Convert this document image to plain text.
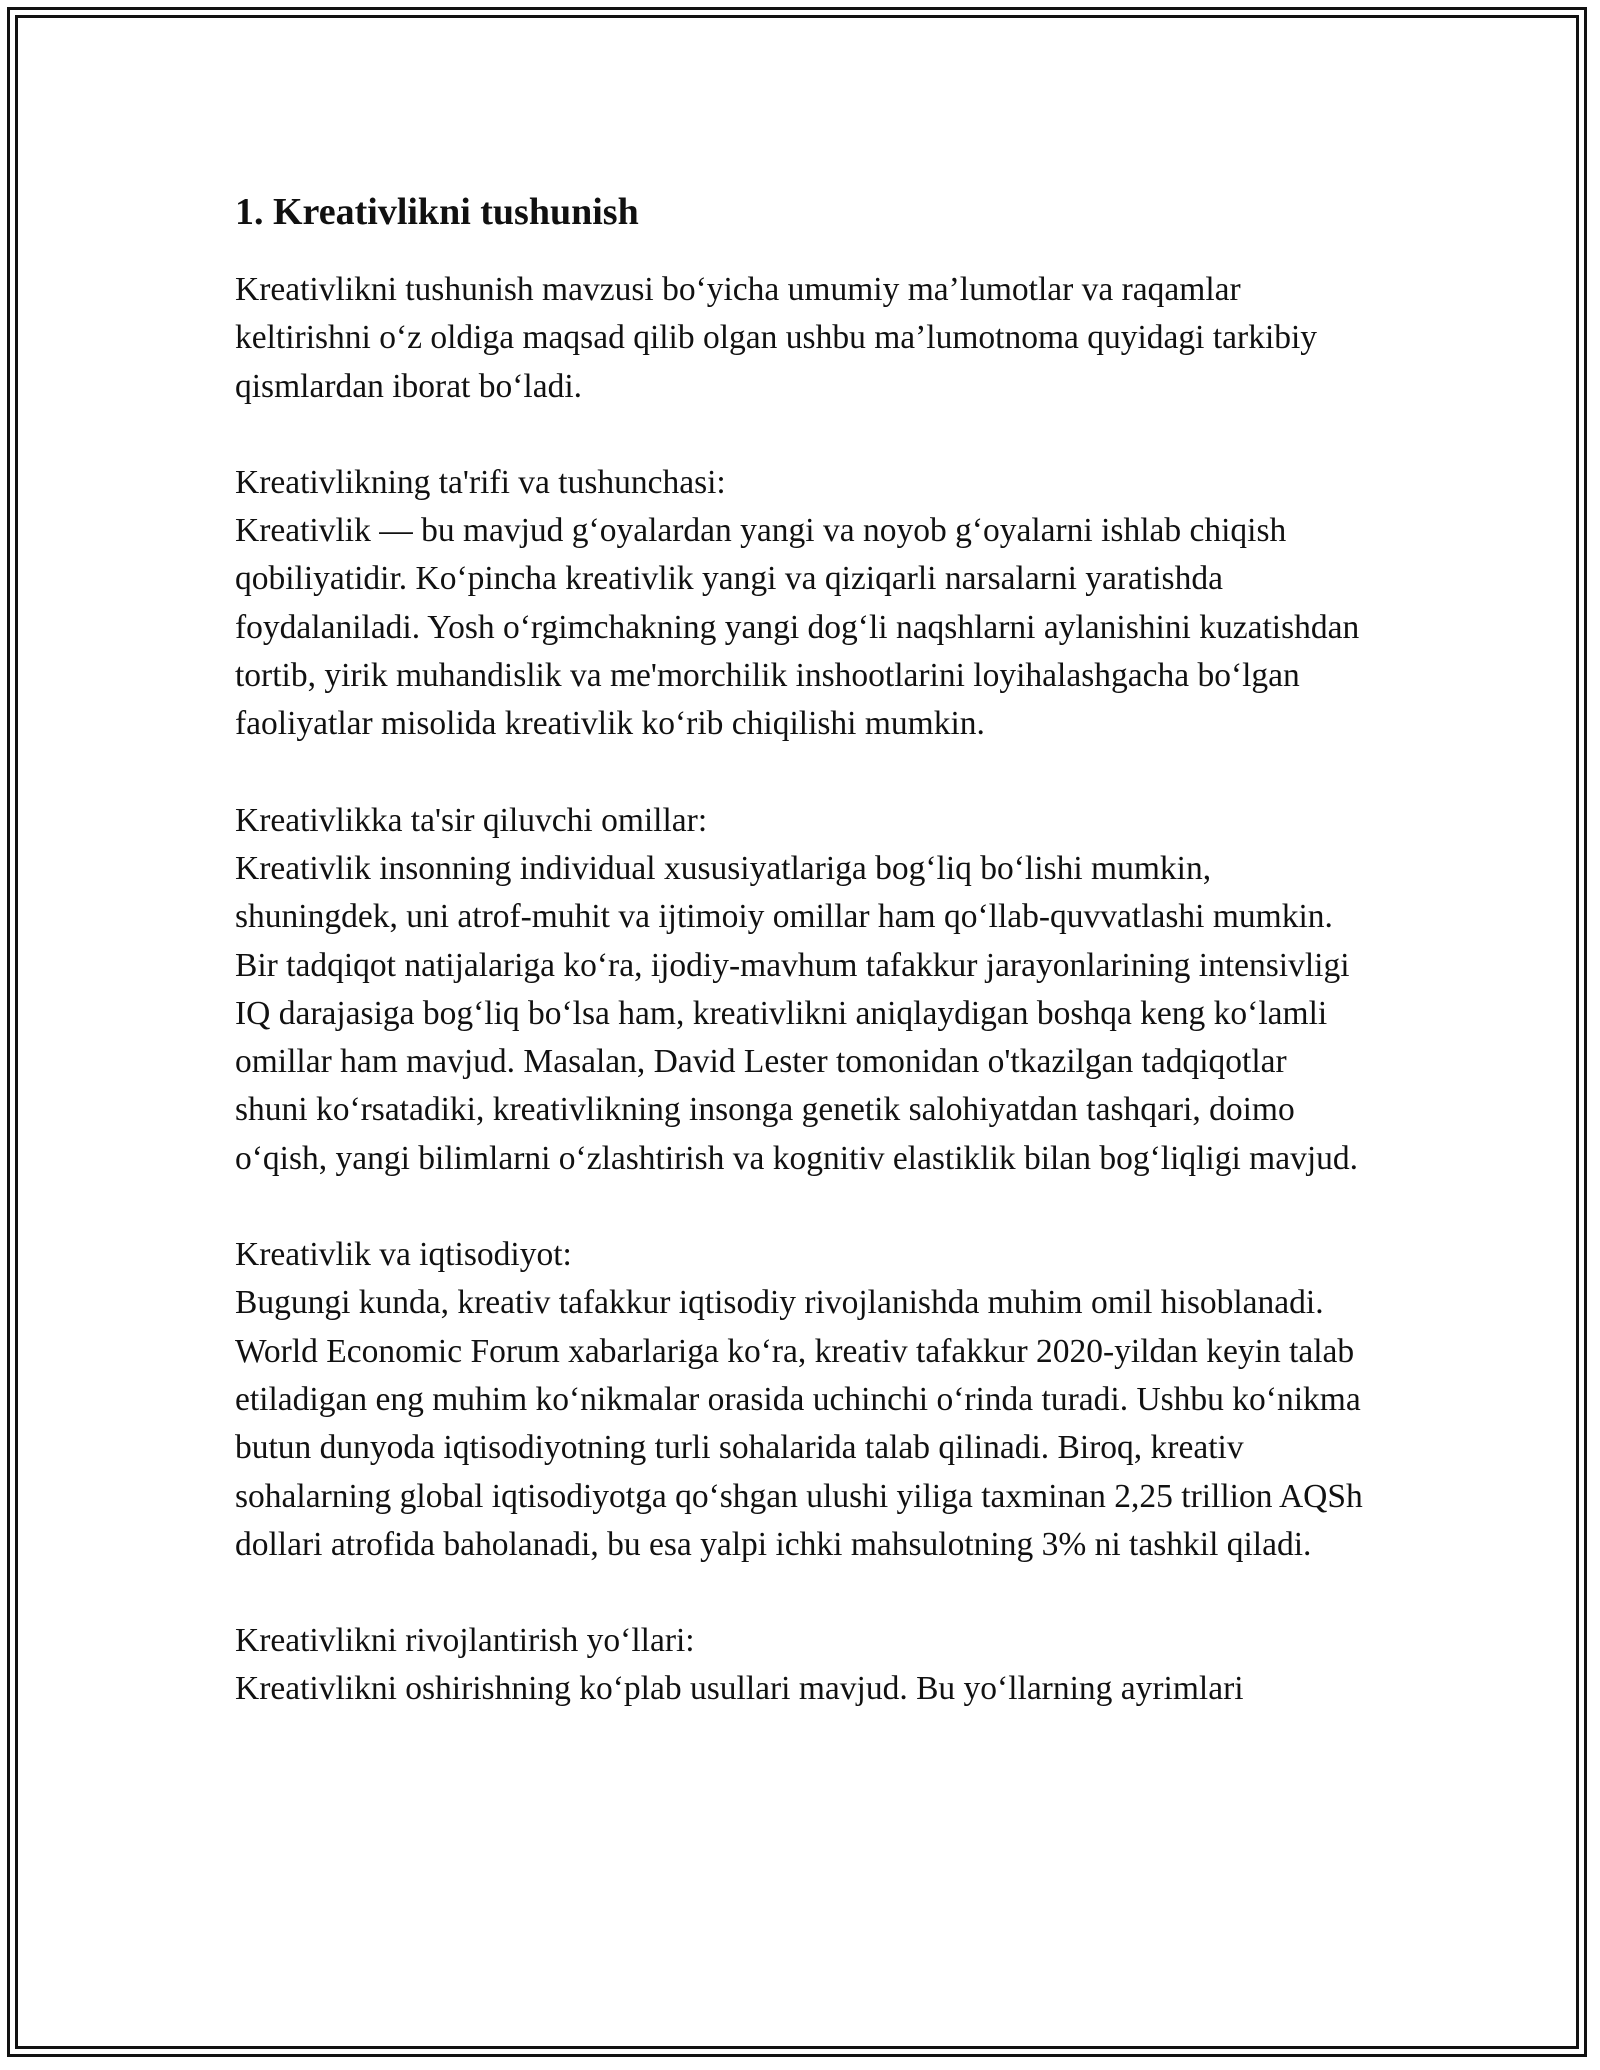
1. Kreativlikni tushunish

Kreativlikni tushunish mavzusi bo‘yicha umumiy ma’lumotlar va raqamlar keltirishni o‘z oldiga maqsad qilib olgan ushbu ma’lumotnoma quyidagi tarkibiy qismlardan iborat bo‘ladi.

Kreativlikning ta'rifi va tushunchasi:
Kreativlik — bu mavjud g‘oyalardan yangi va noyob g‘oyalarni ishlab chiqish qobiliyatidir. Ko‘pincha kreativlik yangi va qiziqarli narsalarni yaratishda foydalaniladi. Yosh o‘rgimchakning yangi dog‘li naqshlarni aylanishini kuzatishdan tortib, yirik muhandislik va me'morchilik inshootlarini loyihalashgacha bo‘lgan faoliyatlar misolida kreativlik ko‘rib chiqilishi mumkin.

Kreativlikka ta'sir qiluvchi omillar:
Kreativlik insonning individual xususiyatlariga bog‘liq bo‘lishi mumkin, shuningdek, uni atrof-muhit va ijtimoiy omillar ham qo‘llab-quvvatlashi mumkin. Bir tadqiqot natijalariga ko‘ra, ijodiy-mavhum tafakkur jarayonlarining intensivligi IQ darajasiga bog‘liq bo‘lsa ham, kreativlikni aniqlaydigan boshqa keng ko‘lamli omillar ham mavjud. Masalan, David Lester tomonidan o'tkazilgan tadqiqotlar shuni ko‘rsatadiki, kreativlikning insonga genetik salohiyatdan tashqari, doimo o‘qish, yangi bilimlarni o‘zlashtirish va kognitiv elastiklik bilan bog‘liqligi mavjud.

Kreativlik va iqtisodiyot:
Bugungi kunda, kreativ tafakkur iqtisodiy rivojlanishda muhim omil hisoblanadi. World Economic Forum xabarlariga ko‘ra, kreativ tafakkur 2020-yildan keyin talab etiladigan eng muhim ko‘nikmalar orasida uchinchi o‘rinda turadi. Ushbu ko‘nikma butun dunyoda iqtisodiyotning turli sohalarida talab qilinadi. Biroq, kreativ sohalarning global iqtisodiyotga qo‘shgan ulushi yiliga taxminan 2,25 trillion AQSh dollari atrofida baholanadi, bu esa yalpi ichki mahsulotning 3% ni tashkil qiladi.

Kreativlikni rivojlantirish yo‘llari:
Kreativlikni oshirishning ko‘plab usullari mavjud. Bu yo‘llarning ayrimlari
